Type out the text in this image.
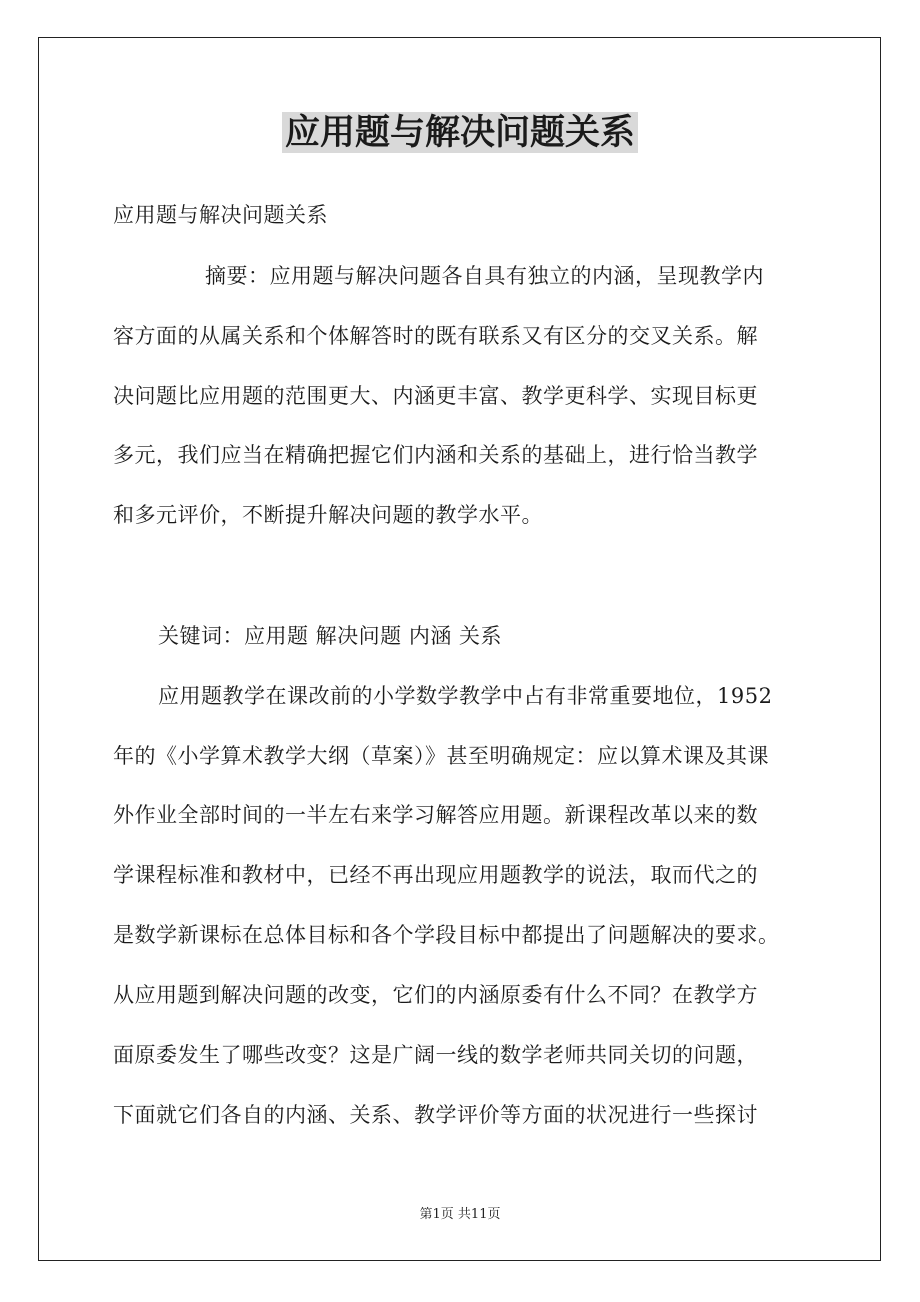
应用题与解决问题关系

应用题与解决问题关系

摘要：应用题与解决问题各自具有独立的内涵，呈现教学内

容方面的从属关系和个体解答时的既有联系又有区分的交叉关系。解

决问题比应用题的范围更大、内涵更丰富、教学更科学、实现目标更

多元，我们应当在精确把握它们内涵和关系的基础上，进行恰当教学

和多元评价，不断提升解决问题的教学水平。

关键词：应用题 解决问题 内涵 关系

应用题教学在课改前的小学数学教学中占有非常重要地位，1952

年的《小学算术教学大纲（草案）》甚至明确规定：应以算术课及其课

外作业全部时间的一半左右来学习解答应用题。新课程改革以来的数

学课程标准和教材中，已经不再出现应用题教学的说法，取而代之的

是数学新课标在总体目标和各个学段目标中都提出了问题解决的要求。

从应用题到解决问题的改变，它们的内涵原委有什么不同？在教学方

面原委发生了哪些改变？这是广阔一线的数学老师共同关切的问题，

下面就它们各自的内涵、关系、教学评价等方面的状况进行一些探讨

第1页 共11页
